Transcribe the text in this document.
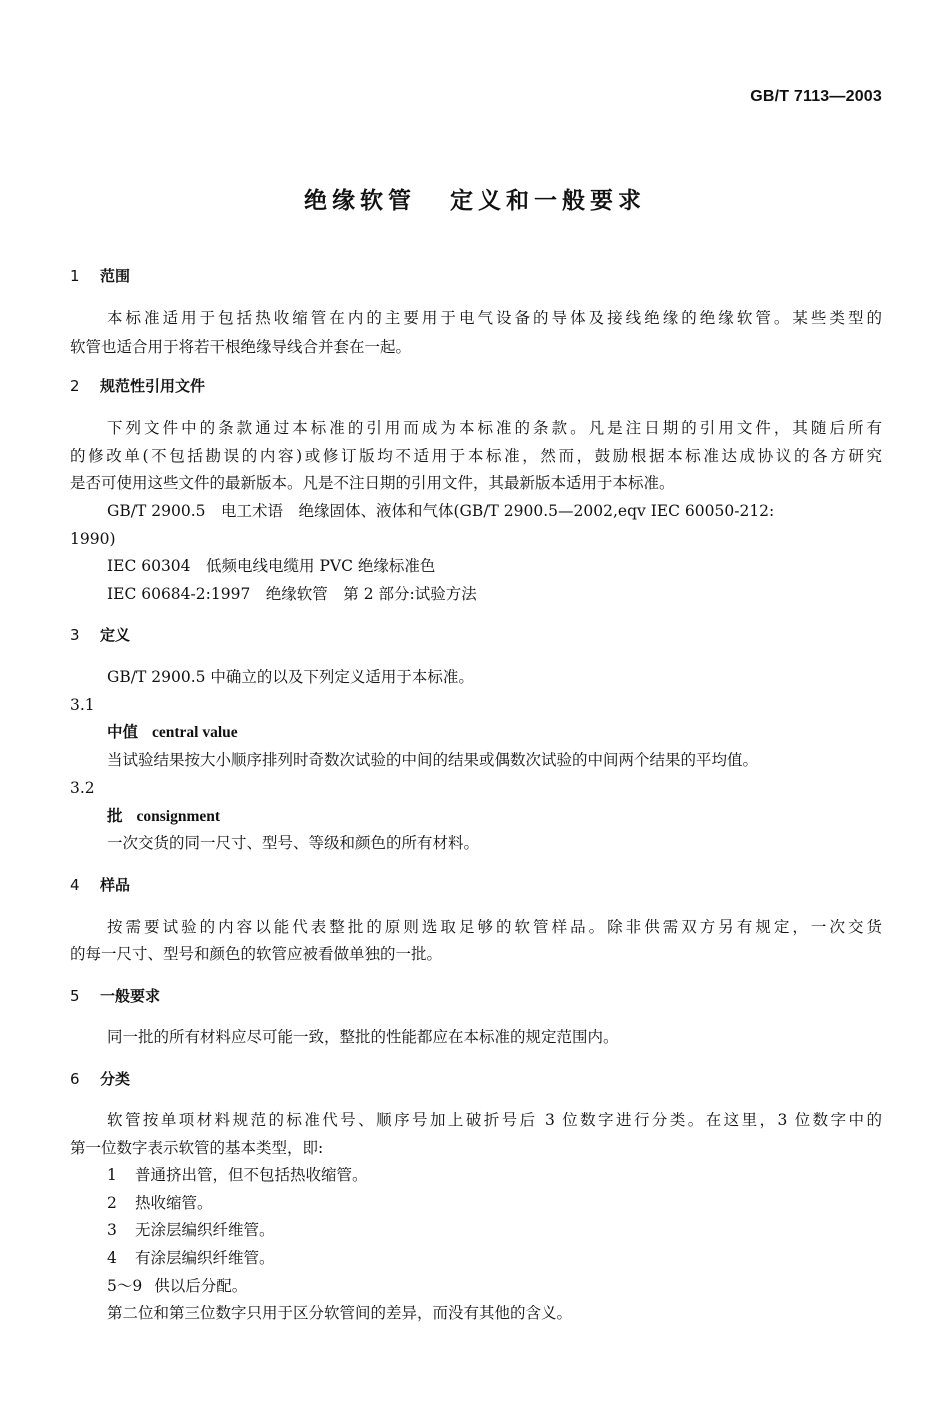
GB/T 7113—2003
绝缘软管 定义和一般要求
1 范围
本标准适用于包括热收缩管在内的主要用于电气设备的导体及接线绝缘的绝缘软管。某些类型的
软管也适合用于将若干根绝缘导线合并套在一起。
2 规范性引用文件
下列文件中的条款通过本标准的引用而成为本标准的条款。凡是注日期的引用文件，其随后所有
的修改单(不包括勘误的内容)或修订版均不适用于本标准，然而，鼓励根据本标准达成协议的各方研究
是否可使用这些文件的最新版本。凡是不注日期的引用文件，其最新版本适用于本标准。
GB/T 2900.5　电工术语　绝缘固体、液体和气体(GB/T 2900.5—2002,eqv IEC 60050-212:
1990)
IEC 60304　低频电线电缆用 PVC 绝缘标准色
IEC 60684-2:1997　绝缘软管　第 2 部分:试验方法
3 定义
GB/T 2900.5 中确立的以及下列定义适用于本标准。
3.1
中值 central value
当试验结果按大小顺序排列时奇数次试验的中间的结果或偶数次试验的中间两个结果的平均值。
3.2
批 consignment
一次交货的同一尺寸、型号、等级和颜色的所有材料。
4 样品
按需要试验的内容以能代表整批的原则选取足够的软管样品。除非供需双方另有规定，一次交货
的每一尺寸、型号和颜色的软管应被看做单独的一批。
5 一般要求
同一批的所有材料应尽可能一致，整批的性能都应在本标准的规定范围内。
6 分类
软管按单项材料规范的标准代号、顺序号加上破折号后 3 位数字进行分类。在这里，3 位数字中的
第一位数字表示软管的基本类型，即:
1 普通挤出管，但不包括热收缩管。
2 热收缩管。
3 无涂层编织纤维管。
4 有涂层编织纤维管。
5～9 供以后分配。
第二位和第三位数字只用于区分软管间的差异，而没有其他的含义。
